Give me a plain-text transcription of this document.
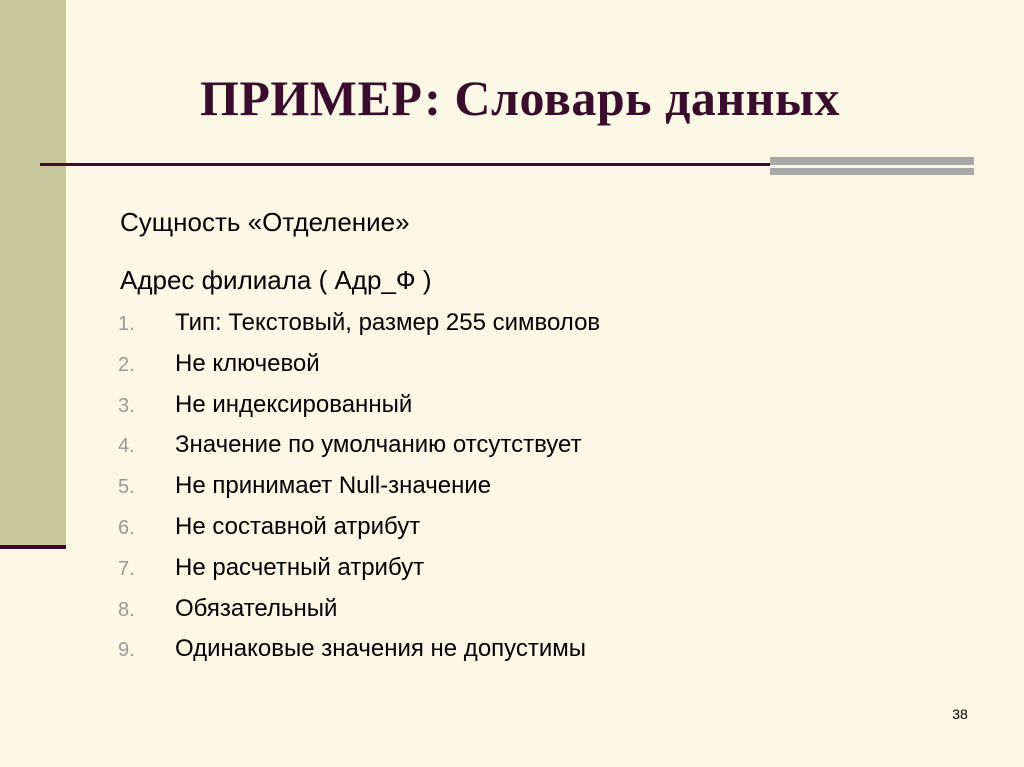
ПРИМЕР: Словарь данных
Сущность «Отделение»
Адрес филиала ( Адр_Ф )
1. Тип: Текстовый, размер 255 символов
2. Не ключевой
3. Не индексированный
4. Значение по умолчанию отсутствует
5. Не принимает Null-значение
6. Не составной атрибут
7. Не расчетный атрибут
8. Обязательный
9. Одинаковые значения не допустимы
38
